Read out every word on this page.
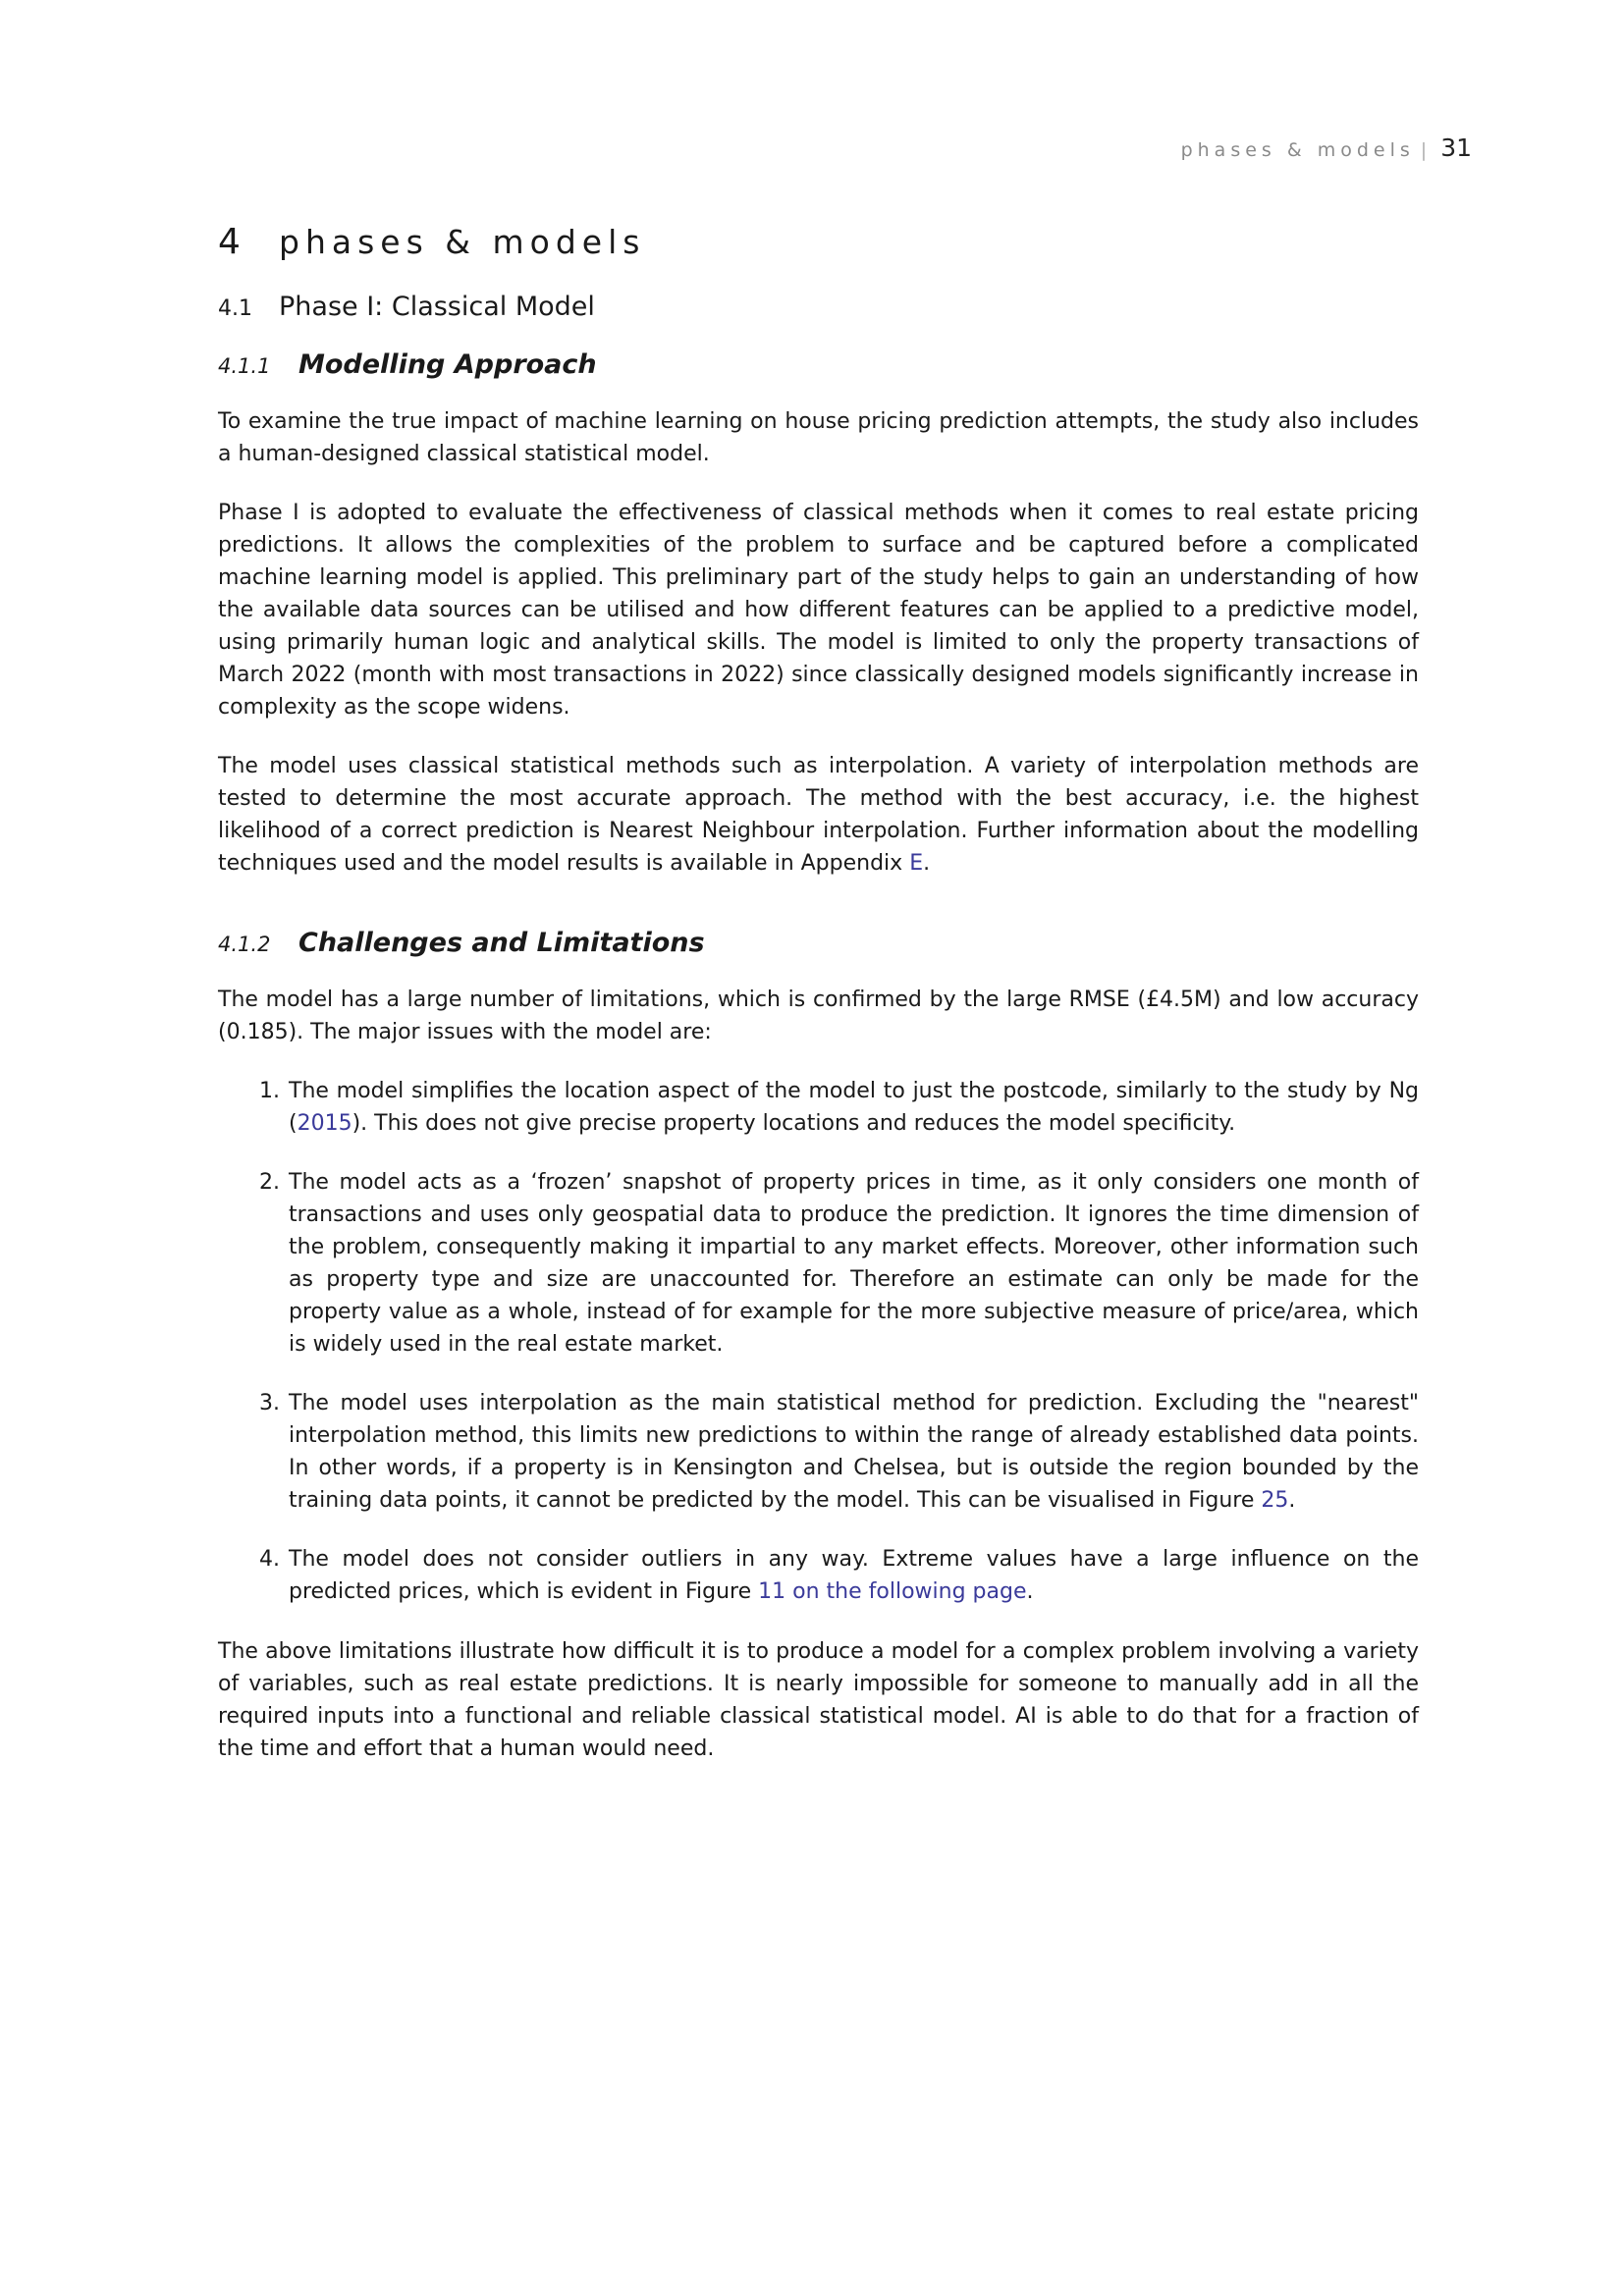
phases & models | 31
4 phases & models
4.1 Phase I: Classical Model
4.1.1 Modelling Approach

To examine the true impact of machine learning on house pricing prediction attempts, the study also includes a human-designed classical statistical model.

Phase I is adopted to evaluate the effectiveness of classical methods when it comes to real estate pricing predictions. It allows the complexities of the problem to surface and be captured before a complicated machine learning model is applied. This preliminary part of the study helps to gain an understanding of how the available data sources can be utilised and how different features can be applied to a predictive model, using primarily human logic and analytical skills. The model is limited to only the property transactions of March 2022 (month with most transactions in 2022) since classically designed models significantly increase in complexity as the scope widens.

The model uses classical statistical methods such as interpolation. A variety of interpolation methods are tested to determine the most accurate approach. The method with the best accuracy, i.e. the highest likelihood of a correct prediction is Nearest Neighbour interpolation. Further information about the modelling techniques used and the model results is available in Appendix E.

4.1.2 Challenges and Limitations

The model has a large number of limitations, which is confirmed by the large RMSE (£4.5M) and low accuracy (0.185). The major issues with the model are:

1. The model simplifies the location aspect of the model to just the postcode, similarly to the study by Ng (2015). This does not give precise property locations and reduces the model specificity.
2. The model acts as a ‘frozen’ snapshot of property prices in time, as it only considers one month of transactions and uses only geospatial data to produce the prediction. It ignores the time dimension of the problem, consequently making it impartial to any market effects. Moreover, other information such as property type and size are unaccounted for. Therefore an estimate can only be made for the property value as a whole, instead of for example for the more subjective measure of price/area, which is widely used in the real estate market.
3. The model uses interpolation as the main statistical method for prediction. Excluding the "nearest" interpolation method, this limits new predictions to within the range of already established data points. In other words, if a property is in Kensington and Chelsea, but is outside the region bounded by the training data points, it cannot be predicted by the model. This can be visualised in Figure 25.
4. The model does not consider outliers in any way. Extreme values have a large influence on the predicted prices, which is evident in Figure 11 on the following page.

The above limitations illustrate how difficult it is to produce a model for a complex problem involving a variety of variables, such as real estate predictions. It is nearly impossible for someone to manually add in all the required inputs into a functional and reliable classical statistical model. AI is able to do that for a fraction of the time and effort that a human would need.
